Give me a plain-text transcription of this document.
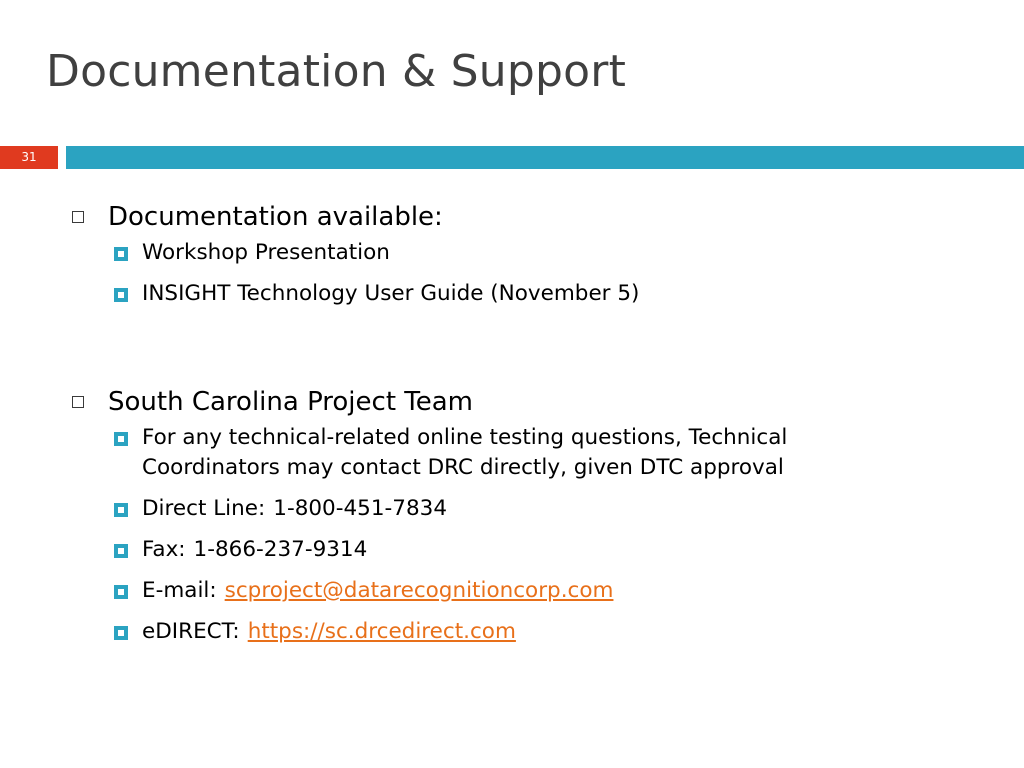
Documentation & Support
31
Documentation available:
Workshop Presentation
INSIGHT Technology User Guide (November 5)
South Carolina Project Team
For any technical-related online testing questions, Technical Coordinators may contact DRC directly, given DTC approval
Direct Line: 1-800-451-7834
Fax: 1-866-237-9314
E-mail: scproject@datarecognitioncorp.com
eDIRECT: https://sc.drcedirect.com
